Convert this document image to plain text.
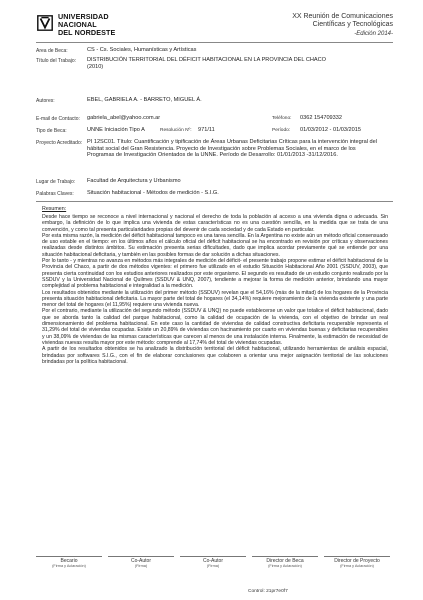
UNIVERSIDAD
NACIONAL
DEL NORDESTE
XX Reunión de Comunicaciones
Científicas y Tecnológicas
-Edición 2014-
Area de Beca:	CS - Cs. Sociales, Humanísticas y Artísticas
Título del Trabajo: DISTRIBUCIÓN TERRITORIAL DEL DÉFICIT HABITACIONAL EN LA PROVINCIA DEL CHACO (2010)
Autores:	EBEL, GABRIELA A. - BARRETO, MIGUEL Á.
E-mail de Contacto: gabriela_abel@yahoo.com.ar	Teléfono: 0362 154709332
Tipo de Beca:	UNNE Iniciación Tipo A	Resolución Nº: 971/11	Período: 01/03/2012 - 01/03/2015
Proyecto Acreditado: PI 12SC01. Título: Cuantificación y tipificación de Áreas Urbanas Deficitarias Críticas para la intervención integral del hábitat social del Gran Resistencia. Proyecto de Investigación sobre Problemas Sociales, en el marco de los Programas de Investigación Orientados de la UNNE. Período de Desarrollo: 01/01/2013 -31/12/2016.
Lugar de Trabajo: Facultad de Arquitectura y Urbanismo
Palabras Claves: Situación habitacional - Métodos de medición - S.I.G.
Resumen:

Desde hace tiempo se reconoce a nivel internacional y nacional el derecho de toda la población al acceso a una vivienda digna o adecuada. Sin embargo, la definición de lo que implica una vivienda de estas características no es una cuestión sencilla, en la medida que se trata de una convención, y como tal presenta particularidades propias del devenir de cada sociedad y de cada Estado en particular.

Por esta misma razón, la medición del déficit habitacional tampoco es una tarea sencilla. En la Argentina no existe aún un método oficial consensuado de uso estable en el tiempo: en los últimos años el cálculo oficial del déficit habitacional se ha encontrado en revisión por críticas y observaciones realizadas desde distintos ámbitos. Su estimación presenta serias dificultades, dado que implica acordar previamente qué se entiende por una situación habitacional deficitaria, y también en las posibles formas de dar solución a dichas situaciones.

Por lo tanto - y mientras no avanza en métodos más integrales de medición del déficit- el presente trabajo propone estimar el déficit habitacional de la Provincia del Chaco, a partir de dos métodos vigentes: el primero fue utilizado en el estudio Situación Habitacional Año 2001 (SSDUV, 2003), que presenta cierta continuidad con los estudios anteriores realizados por este organismo. El segundo es resultado de un estudio conjunto realizado por la SSDUV y la Universidad Nacional de Quilmes (SSDUV & UNQ, 2007), tendiente a mejorar la forma de medición anterior, brindando una mayor complejidad al problema habitacional e integralidad a la medición.

Los resultados obtenidos mediante la utilización del primer método (SSDUV) revelan que el 54,16% (más de la mitad) de los hogares de la Provincia presenta situación habitacional deficitaria. La mayor parte del total de hogares (el 34,14%) requiere mejoramiento de la vivienda existente y una parte menor del total de hogares (el 11,95%) requiere una vivienda nueva.

Por el contrario, mediante la utilización del segundo método (SSDUV & UNQ) no puede establecerse un valor que totalice el déficit habitacional, dado que se aborda tanto la calidad del parque habitacional, como la calidad de ocupación de la vivienda, con el objetivo de brindar un real dimensionamiento del problema habitacional. En este caso la cantidad de viviendas de calidad constructiva deficitaria recuperable representa el 31,29% del total de viviendas ocupadas. Existe un 20,89% de viviendas con hacinamiento por cuarto en viviendas buenas y deficitarias recuperables y un 38,09% de viviendas de las mismas características que carecen al menos de una instalación interna. Finalmente, la estimación de necesidad de viviendas nuevas resulta mayor por este método: comprende al 17,74% del total de viviendas ocupadas.

A partir de los resultados obtenidos se ha analizado la distribución territorial del déficit habitacional, utilizando herramientas de análisis espacial, brindadas por softwares S.I.G., con el fin de elaborar conclusiones que colaboren a orientar una mejor asignación territorial de las soluciones brindadas por la política habitacional.

Becario
(Firma y Aclaración)
Co-Autor
(Firma)
Co-Autor
(Firma)
Director de Beca
(Firma y Aclaración)
Director de Proyecto
(Firma y Aclaración)
Control: 21pr7e0f7
